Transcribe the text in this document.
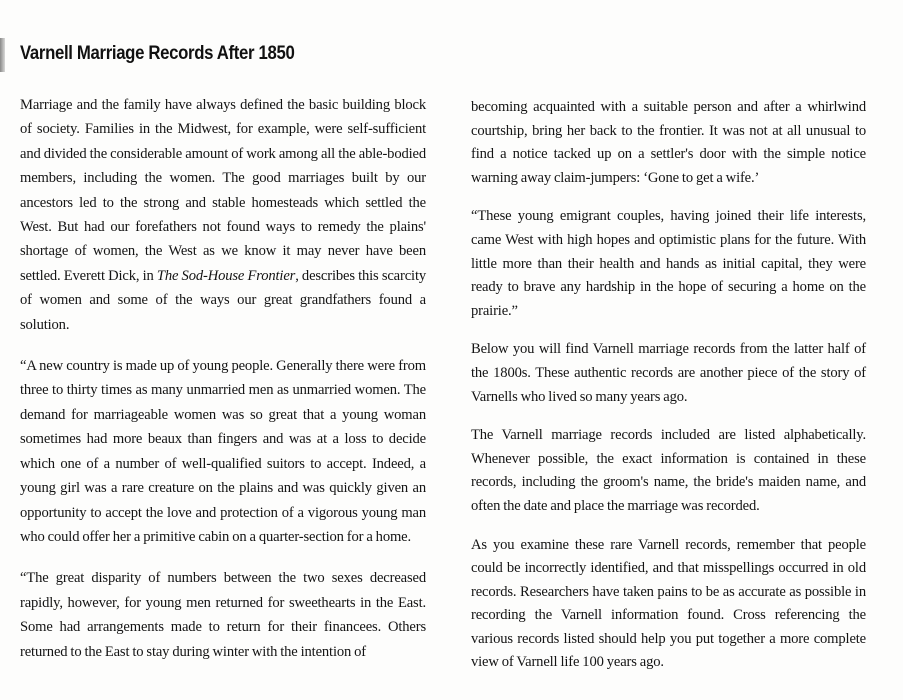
Varnell Marriage Records After 1850

Marriage and the family have always defined the basic building block of society. Families in the Midwest, for example, were self-sufficient and divided the considerable amount of work among all the able-bodied members, including the women. The good marriages built by our ancestors led to the strong and stable homesteads which settled the West. But had our forefathers not found ways to remedy the plains' shortage of women, the West as we know it may never have been settled. Everett Dick, in The Sod-House Frontier, describes this scarcity of women and some of the ways our great grandfathers found a solution.

“A new country is made up of young people. Generally there were from three to thirty times as many unmarried men as unmarried women. The demand for marriageable women was so great that a young woman sometimes had more beaux than fingers and was at a loss to decide which one of a number of well-qualified suitors to accept. Indeed, a young girl was a rare creature on the plains and was quickly given an opportunity to accept the love and protection of a vigorous young man who could offer her a primitive cabin on a quarter-section for a home.

“The great disparity of numbers between the two sexes decreased rapidly, however, for young men returned for sweethearts in the East. Some had arrangements made to return for their financees. Others returned to the East to stay during winter with the intention of

becoming acquainted with a suitable person and after a whirlwind courtship, bring her back to the frontier. It was not at all unusual to find a notice tacked up on a settler's door with the simple notice warning away claim-jumpers: ‘Gone to get a wife.’

“These young emigrant couples, having joined their life interests, came West with high hopes and optimistic plans for the future. With little more than their health and hands as initial capital, they were ready to brave any hardship in the hope of securing a home on the prairie.”

Below you will find Varnell marriage records from the latter half of the 1800s. These authentic records are another piece of the story of Varnells who lived so many years ago.

The Varnell marriage records included are listed alphabetically. Whenever possible, the exact information is contained in these records, including the groom's name, the bride's maiden name, and often the date and place the marriage was recorded.

As you examine these rare Varnell records, remember that people could be incorrectly identified, and that misspellings occurred in old records. Researchers have taken pains to be as accurate as possible in recording the Varnell information found. Cross referencing the various records listed should help you put together a more complete view of Varnell life 100 years ago.
